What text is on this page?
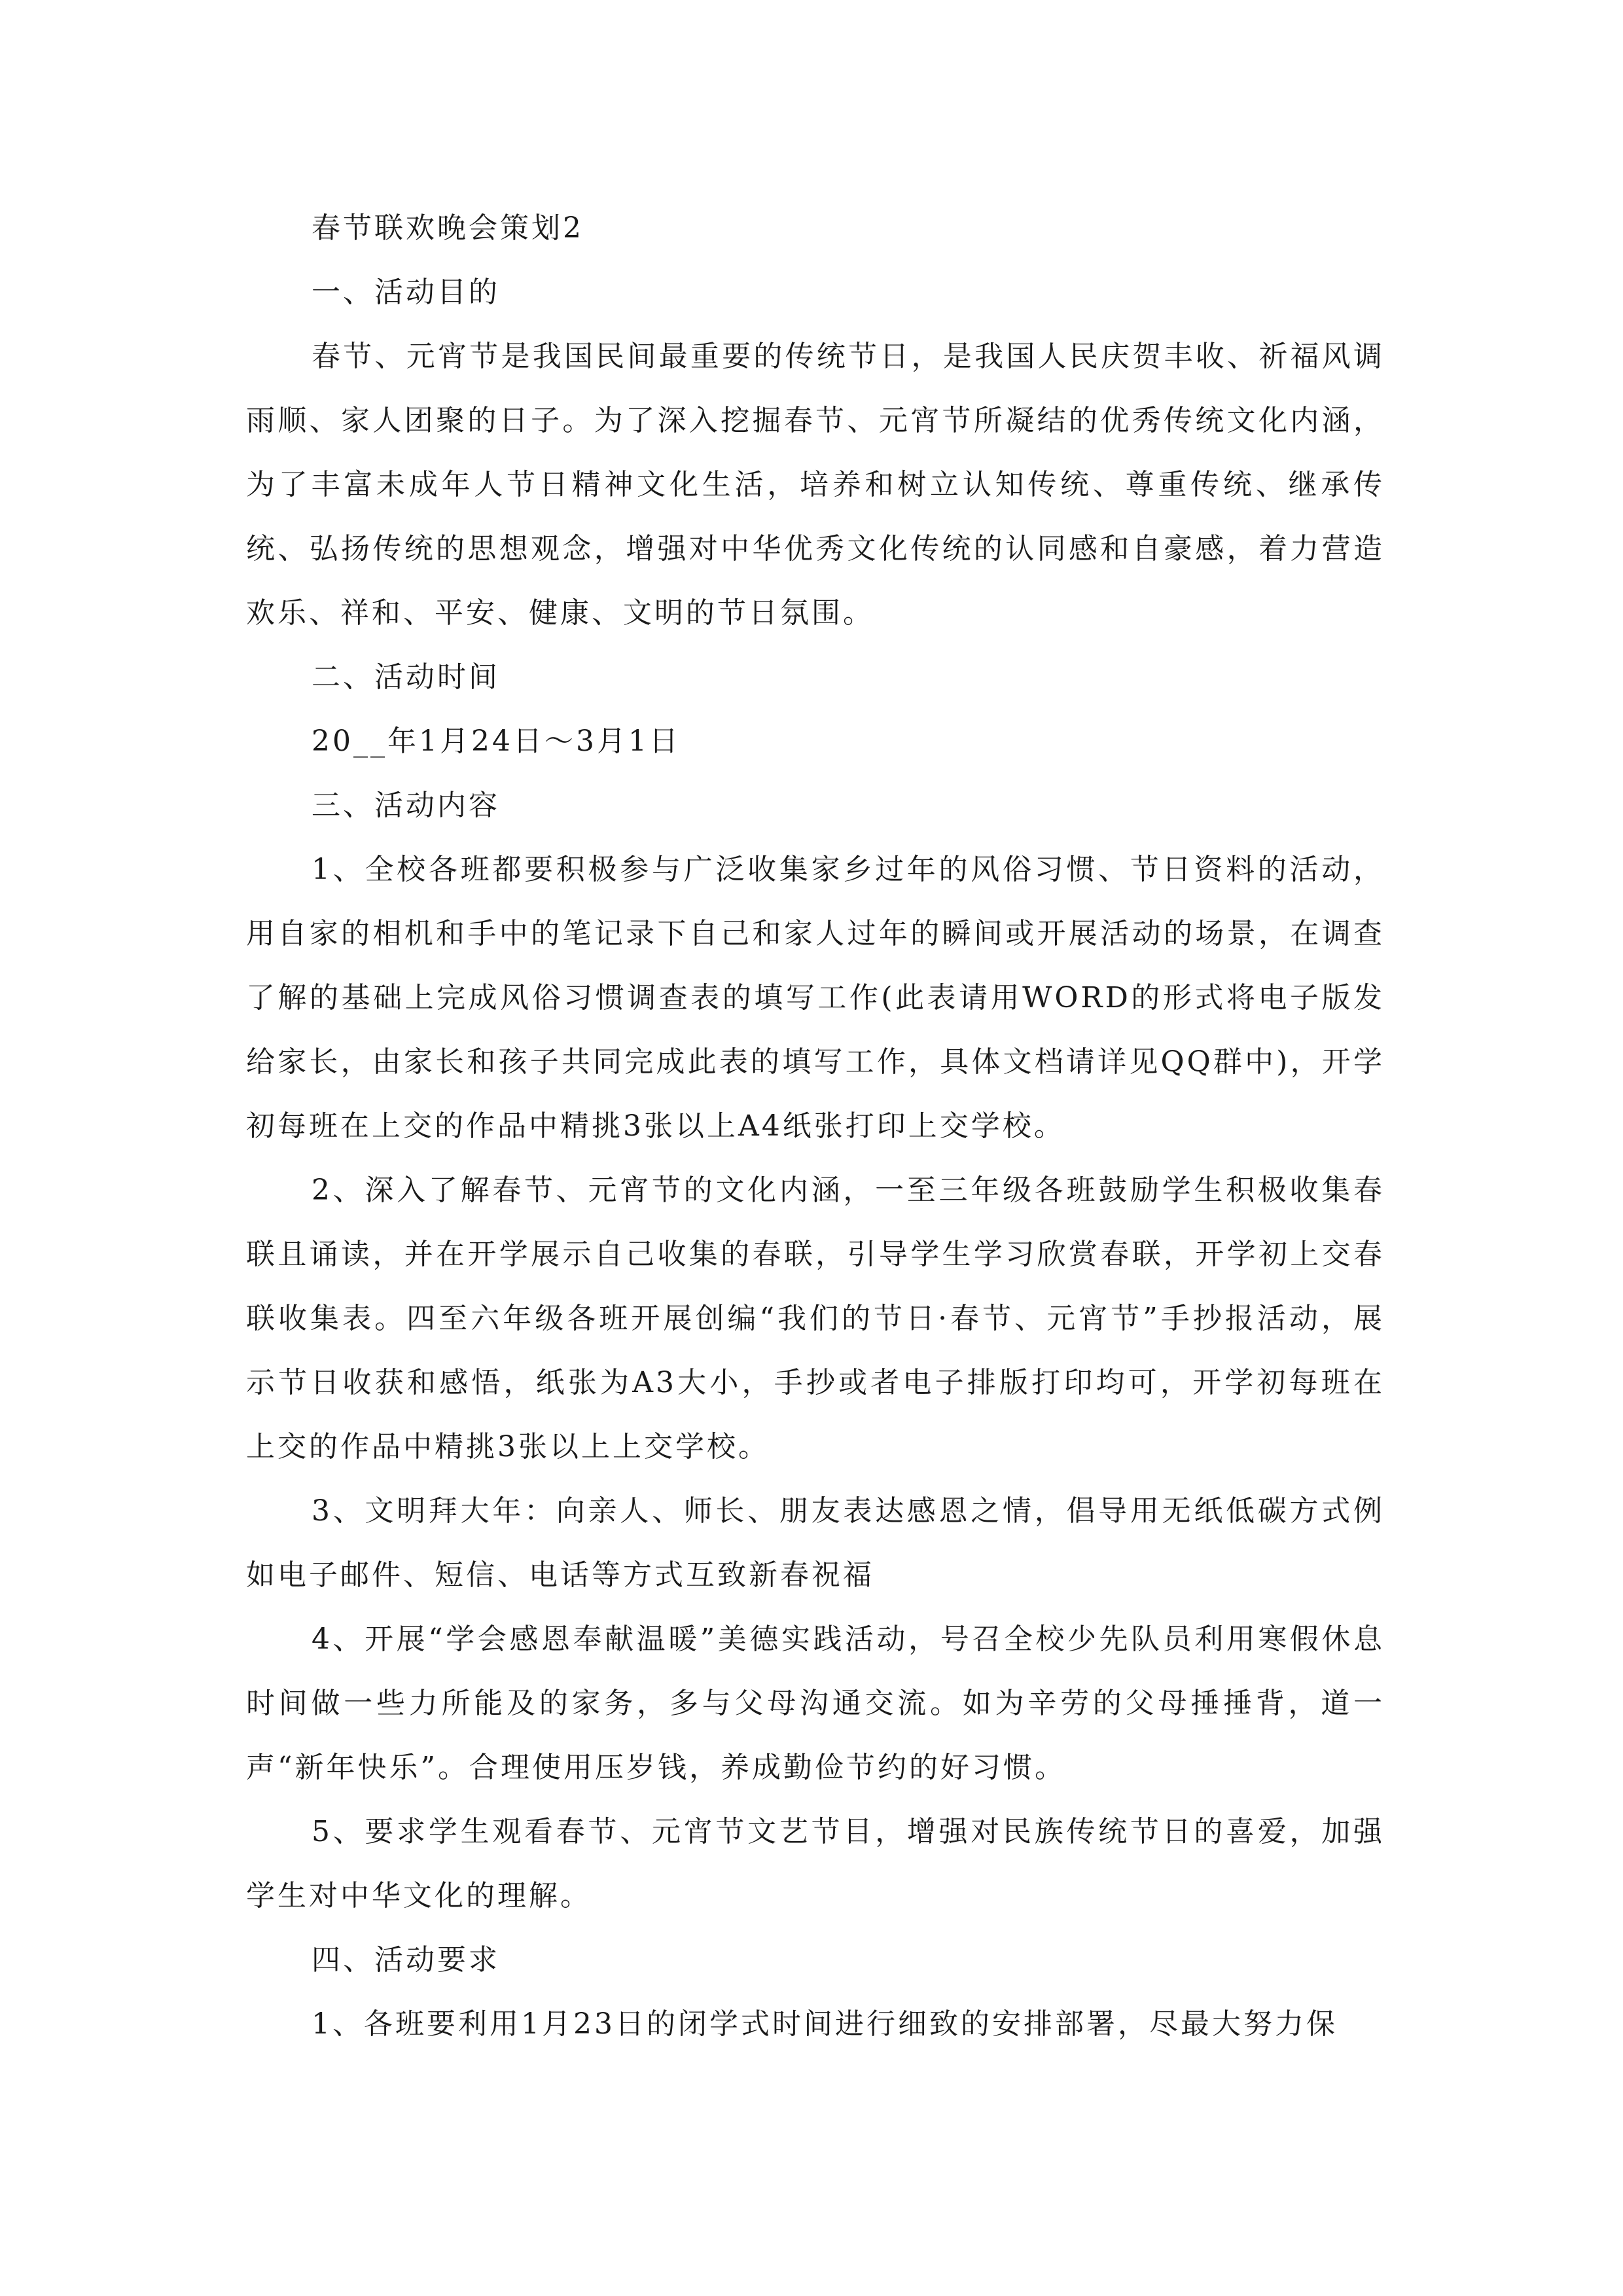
春节联欢晚会策划2

一、活动目的

春节、元宵节是我国民间最重要的传统节日，是我国人民庆贺丰收、祈福风调雨顺、家人团聚的日子。为了深入挖掘春节、元宵节所凝结的优秀传统文化内涵，为了丰富未成年人节日精神文化生活，培养和树立认知传统、尊重传统、继承传统、弘扬传统的思想观念，增强对中华优秀文化传统的认同感和自豪感，着力营造欢乐、祥和、平安、健康、文明的节日氛围。

二、活动时间

20__年1月24日～3月1日

三、活动内容

1、全校各班都要积极参与广泛收集家乡过年的风俗习惯、节日资料的活动，用自家的相机和手中的笔记录下自己和家人过年的瞬间或开展活动的场景，在调查了解的基础上完成风俗习惯调查表的填写工作(此表请用WORD的形式将电子版发给家长，由家长和孩子共同完成此表的填写工作，具体文档请详见QQ群中)，开学初每班在上交的作品中精挑3张以上A4纸张打印上交学校。

2、深入了解春节、元宵节的文化内涵，一至三年级各班鼓励学生积极收集春联且诵读，并在开学展示自己收集的春联，引导学生学习欣赏春联，开学初上交春联收集表。四至六年级各班开展创编“我们的节日·春节、元宵节”手抄报活动，展示节日收获和感悟，纸张为A3大小，手抄或者电子排版打印均可，开学初每班在上交的作品中精挑3张以上上交学校。

3、文明拜大年：向亲人、师长、朋友表达感恩之情，倡导用无纸低碳方式例如电子邮件、短信、电话等方式互致新春祝福

4、开展“学会感恩奉献温暖”美德实践活动，号召全校少先队员利用寒假休息时间做一些力所能及的家务，多与父母沟通交流。如为辛劳的父母捶捶背，道一声“新年快乐”。合理使用压岁钱，养成勤俭节约的好习惯。

5、要求学生观看春节、元宵节文艺节目，增强对民族传统节日的喜爱，加强学生对中华文化的理解。

四、活动要求

1、各班要利用1月23日的闭学式时间进行细致的安排部署，尽最大努力保
